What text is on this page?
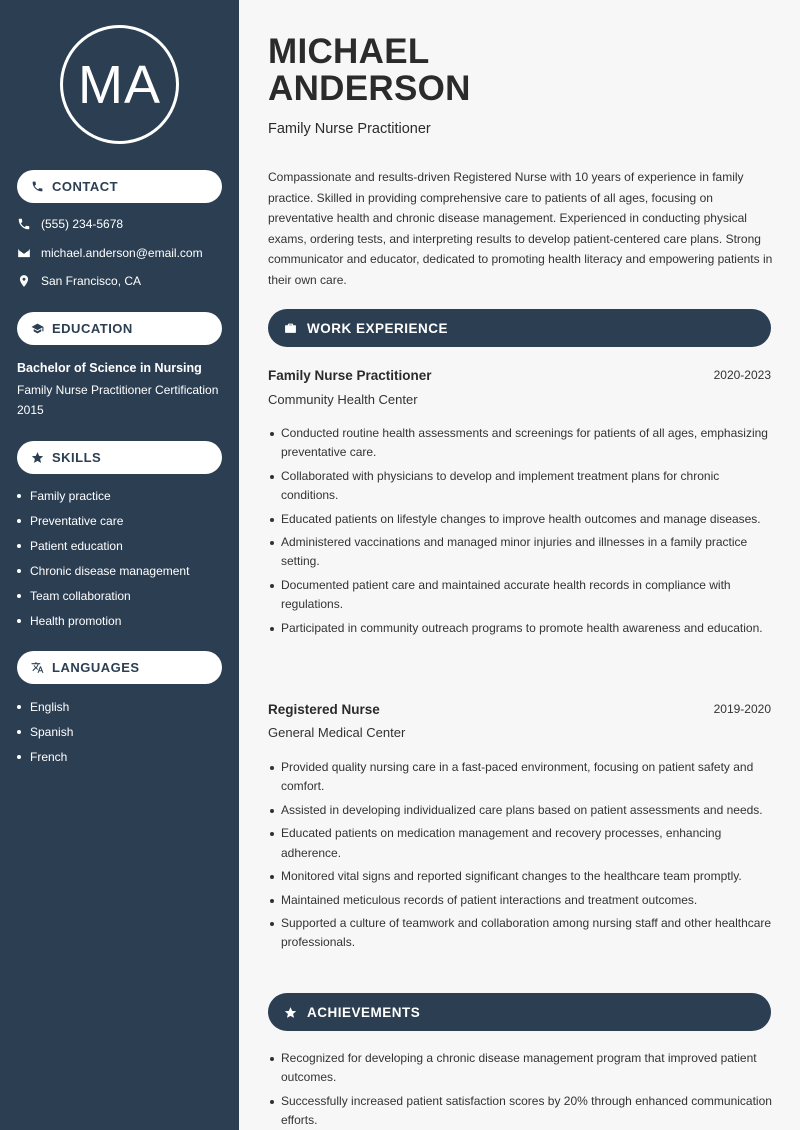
MA
CONTACT
(555) 234-5678
michael.anderson@email.com
San Francisco, CA
EDUCATION
Bachelor of Science in Nursing
Family Nurse Practitioner Certification
2015
SKILLS
Family practice
Preventative care
Patient education
Chronic disease management
Team collaboration
Health promotion
LANGUAGES
English
Spanish
French
MICHAEL
ANDERSON
Family Nurse Practitioner

Compassionate and results-driven Registered Nurse with 10 years of experience in family practice. Skilled in providing comprehensive care to patients of all ages, focusing on preventative health and chronic disease management. Experienced in conducting physical exams, ordering tests, and interpreting results to develop patient-centered care plans. Strong communicator and educator, dedicated to promoting health literacy and empowering patients in their own care.

WORK EXPERIENCE
Family Nurse Practitioner	2020-2023
Community Health Center
Conducted routine health assessments and screenings for patients of all ages, emphasizing preventative care.
Collaborated with physicians to develop and implement treatment plans for chronic conditions.
Educated patients on lifestyle changes to improve health outcomes and manage diseases.
Administered vaccinations and managed minor injuries and illnesses in a family practice setting.
Documented patient care and maintained accurate health records in compliance with regulations.
Participated in community outreach programs to promote health awareness and education.
Registered Nurse	2019-2020
General Medical Center
Provided quality nursing care in a fast-paced environment, focusing on patient safety and comfort.
Assisted in developing individualized care plans based on patient assessments and needs.
Educated patients on medication management and recovery processes, enhancing adherence.
Monitored vital signs and reported significant changes to the healthcare team promptly.
Maintained meticulous records of patient interactions and treatment outcomes.
Supported a culture of teamwork and collaboration among nursing staff and other healthcare professionals.
ACHIEVEMENTS
Recognized for developing a chronic disease management program that improved patient outcomes.
Successfully increased patient satisfaction scores by 20% through enhanced communication efforts.
